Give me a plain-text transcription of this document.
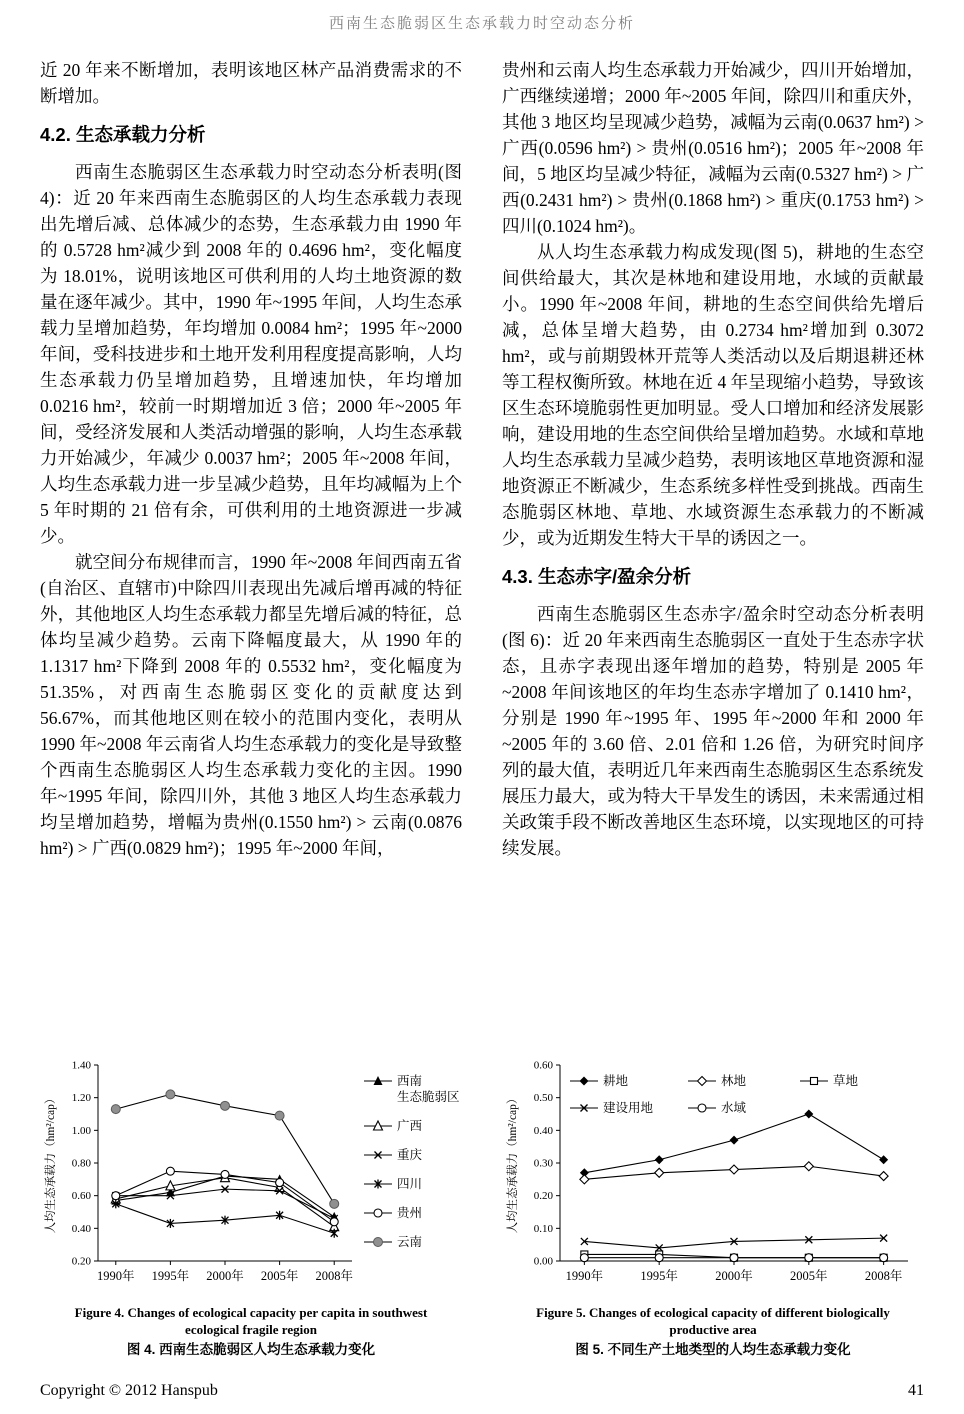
西南生态脆弱区生态承载力时空动态分析

近 20 年来不断增加，表明该地区林产品消费需求的不断增加。

4.2. 生态承载力分析

西南生态脆弱区生态承载力时空动态分析表明(图 4)：近 20 年来西南生态脆弱区的人均生态承载力表现出先增后减、总体减少的态势，生态承载力由 1990 年的 0.5728 hm²减少到 2008 年的 0.4696 hm²，变化幅度为 18.01%，说明该地区可供利用的人均土地资源的数量在逐年减少。其中，1990 年~1995 年间，人均生态承载力呈增加趋势，年均增加 0.0084 hm²；1995 年~2000 年间，受科技进步和土地开发利用程度提高影响，人均生态承载力仍呈增加趋势，且增速加快，年均增加 0.0216 hm²，较前一时期增加近 3 倍；2000 年~2005 年间，受经济发展和人类活动增强的影响，人均生态承载力开始减少，年减少 0.0037 hm²；2005 年~2008 年间，人均生态承载力进一步呈减少趋势，且年均减幅为上个 5 年时期的 21 倍有余，可供利用的土地资源进一步减少。

就空间分布规律而言，1990 年~2008 年间西南五省(自治区、直辖市)中除四川表现出先减后增再减的特征外，其他地区人均生态承载力都呈先增后减的特征，总体均呈减少趋势。云南下降幅度最大，从 1990 年的 1.1317 hm²下降到 2008 年的 0.5532 hm²，变化幅度为 51.35%，对西南生态脆弱区变化的贡献度达到 56.67%，而其他地区则在较小的范围内变化，表明从 1990 年~2008 年云南省人均生态承载力的变化是导致整个西南生态脆弱区人均生态承载力变化的主因。1990 年~1995 年间，除四川外，其他 3 地区人均生态承载力均呈增加趋势，增幅为贵州(0.1550 hm²) > 云南(0.0876 hm²) > 广西(0.0829 hm²)；1995 年~2000 年间，

贵州和云南人均生态承载力开始减少，四川开始增加，广西继续递增；2000 年~2005 年间，除四川和重庆外，其他 3 地区均呈现减少趋势，减幅为云南(0.0637 hm²) > 广西(0.0596 hm²) > 贵州(0.0516 hm²)；2005 年~2008 年间，5 地区均呈减少特征，减幅为云南(0.5327 hm²) > 广西(0.2431 hm²) > 贵州(0.1868 hm²) > 重庆(0.1753 hm²) > 四川(0.1024 hm²)。

从人均生态承载力构成发现(图 5)，耕地的生态空间供给最大，其次是林地和建设用地，水域的贡献最小。1990 年~2008 年间，耕地的生态空间供给先增后减，总体呈增大趋势，由 0.2734 hm²增加到 0.3072 hm²，或与前期毁林开荒等人类活动以及后期退耕还林等工程权衡所致。林地在近 4 年呈现缩小趋势，导致该区生态环境脆弱性更加明显。受人口增加和经济发展影响，建设用地的生态空间供给呈增加趋势。水域和草地人均生态承载力呈减少趋势，表明该地区草地资源和湿地资源正不断减少，生态系统多样性受到挑战。西南生态脆弱区林地、草地、水域资源生态承载力的不断减少，或为近期发生特大干旱的诱因之一。

4.3. 生态赤字/盈余分析

西南生态脆弱区生态赤字/盈余时空动态分析表明(图 6)：近 20 年来西南生态脆弱区一直处于生态赤字状态，且赤字表现出逐年增加的趋势，特别是 2005 年~2008 年间该地区的年均生态赤字增加了 0.1410 hm²，分别是 1990 年~1995 年、1995 年~2000 年和 2000 年~2005 年的 3.60 倍、2.01 倍和 1.26 倍，为研究时间序列的最大值，表明近几年来西南生态脆弱区生态系统发展压力最大，或为特大干旱发生的诱因，未来需通过相关政策手段不断改善地区生态环境，以实现地区的可持续发展。

0.20
0.40
0.60
0.80
1.00
1.20
1.40
1990年 1995年 2000年 2005年 2008年
人均生态承载力（hm²/cap）
西南
生态脆弱区
广西
重庆
四川
贵州
云南
Figure 4. Changes of ecological capacity per capita in southwest ecological fragile region
图 4. 西南生态脆弱区人均生态承载力变化
0.00
0.10
0.20
0.30
0.40
0.50
0.60
1990年	1995年	2000年	2005年	2008年
人均生态承载力（hm²/cap）
耕地	林地	草地
建设用地	水域
Figure 5. Changes of ecological capacity of different biologically productive area
图 5. 不同生产土地类型的人均生态承载力变化
Copyright © 2012 Hanspub	41
